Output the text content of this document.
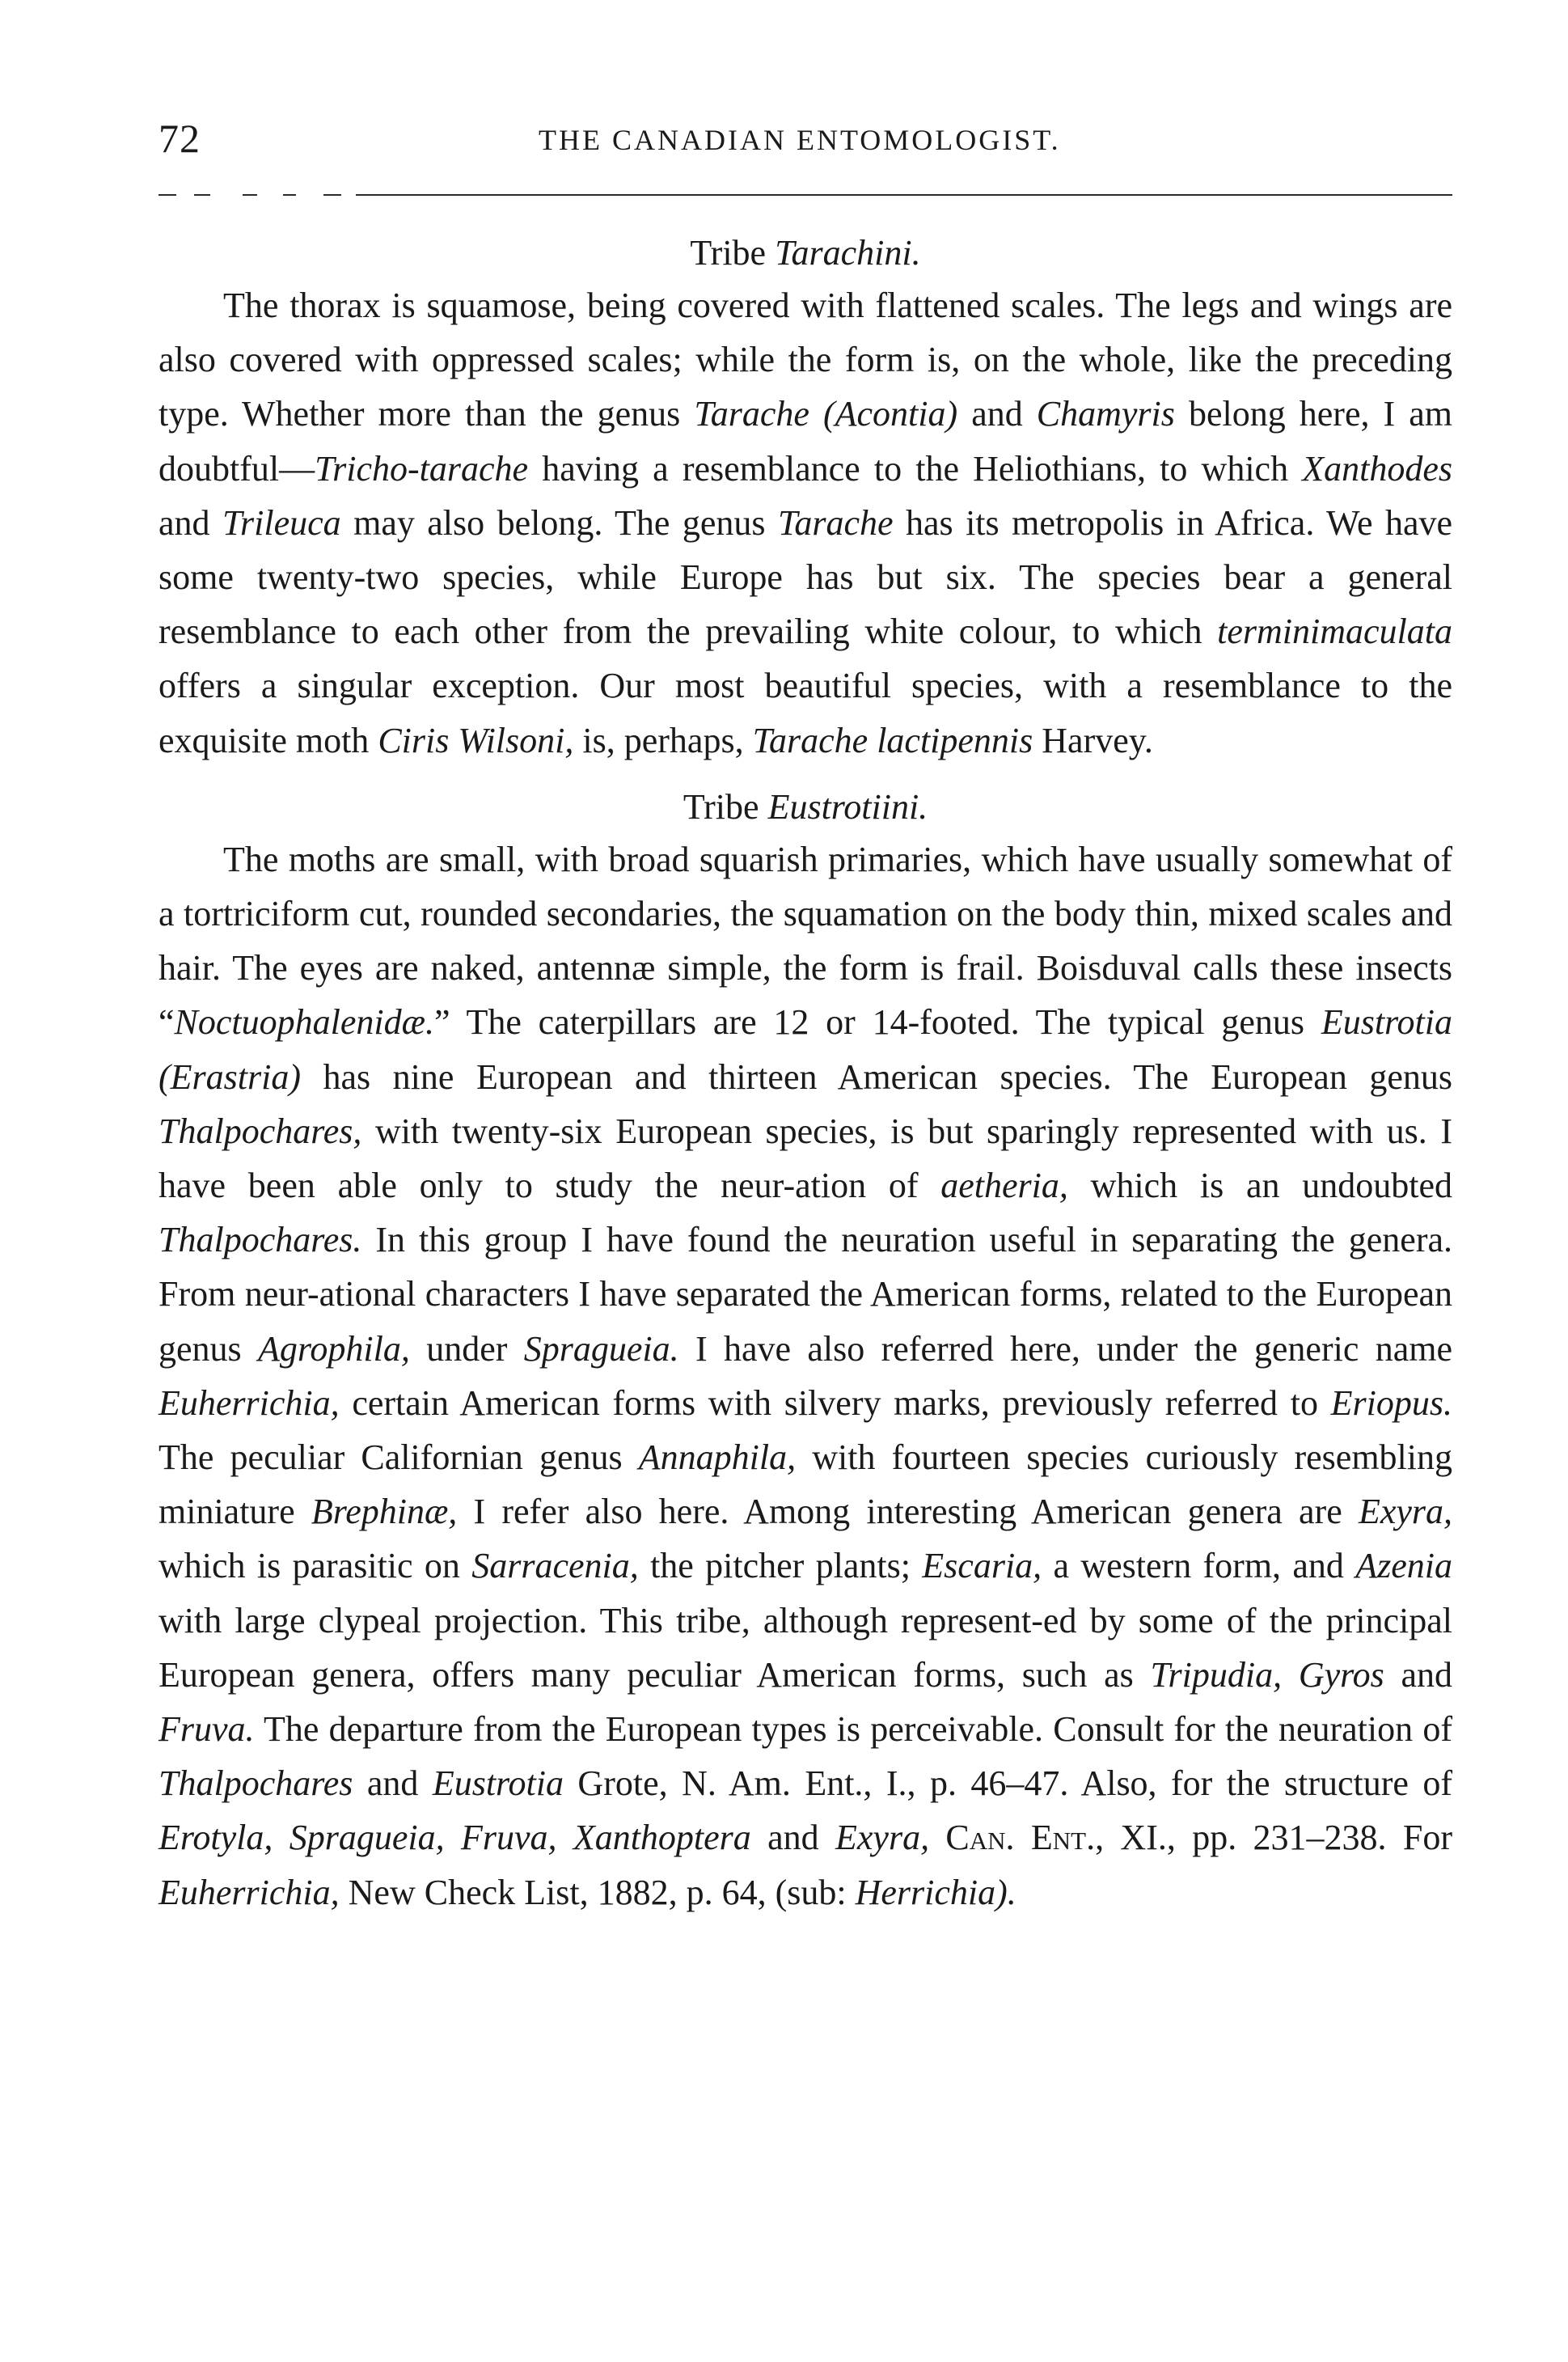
72	THE CANADIAN ENTOMOLOGIST.

Tribe Tarachini.

The thorax is squamose, being covered with flattened scales. The legs and wings are also covered with oppressed scales; while the form is, on the whole, like the preceding type. Whether more than the genus Tarache (Acontia) and Chamyris belong here, I am doubtful—Tricho-tarache having a resemblance to the Heliothians, to which Xanthodes and Trileuca may also belong. The genus Tarache has its metropolis in Africa. We have some twenty-two species, while Europe has but six. The species bear a general resemblance to each other from the prevailing white colour, to which terminimaculata offers a singular exception. Our most beautiful species, with a resemblance to the exquisite moth Ciris Wilsoni, is, perhaps, Tarache lactipennis Harvey.

Tribe Eustrotiini.

The moths are small, with broad squarish primaries, which have usually somewhat of a tortriciform cut, rounded secondaries, the squamation on the body thin, mixed scales and hair. The eyes are naked, antennæ simple, the form is frail. Boisduval calls these insects “Noctuophalenidæ.” The caterpillars are 12 or 14-footed. The typical genus Eustrotia (Erastria) has nine European and thirteen American species. The European genus Thalpochares, with twenty-six European species, is but sparingly represented with us. I have been able only to study the neur-ation of aetheria, which is an undoubted Thalpochares. In this group I have found the neuration useful in separating the genera. From neur-ational characters I have separated the American forms, related to the European genus Agrophila, under Spragueia. I have also referred here, under the generic name Euherrichia, certain American forms with silvery marks, previously referred to Eriopus. The peculiar Californian genus Annaphila, with fourteen species curiously resembling miniature Brephinæ, I refer also here. Among interesting American genera are Exyra, which is parasitic on Sarracenia, the pitcher plants; Escaria, a western form, and Azenia with large clypeal projection. This tribe, although represent-ed by some of the principal European genera, offers many peculiar American forms, such as Tripudia, Gyros and Fruva. The departure from the European types is perceivable. Consult for the neuration of Thalpochares and Eustrotia Grote, N. Am. Ent., I., p. 46–47. Also, for the structure of Erotyla, Spragueia, Fruva, Xanthoptera and Exyra, Can. Ent., XI., pp. 231–238. For Euherrichia, New Check List, 1882, p. 64, (sub: Herrichia).
